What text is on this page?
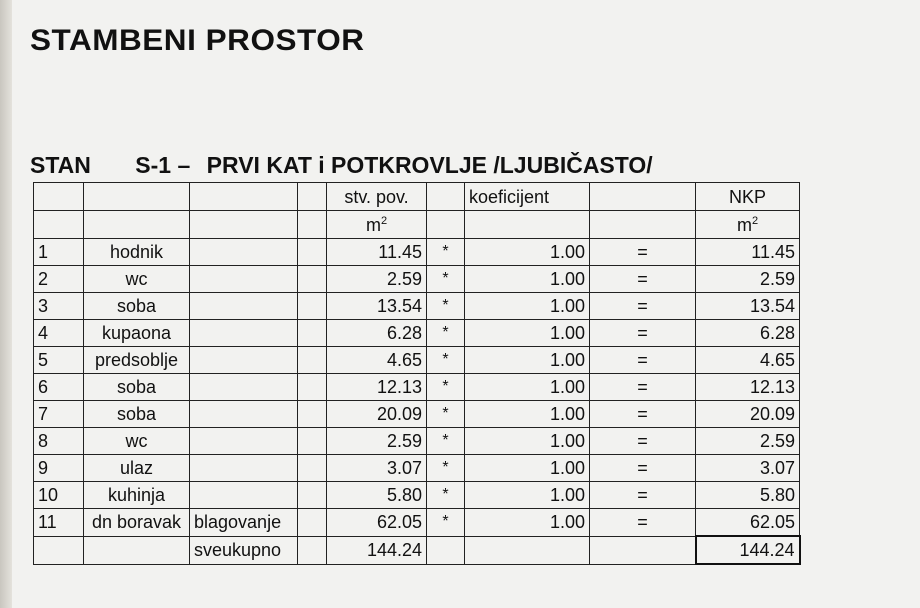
STAMBENI PROSTOR
STAN S-1 – PRVI KAT i POTKROVLJE /LJUBIČASTO/
				stv. pov.		koeficijent		NKP
				$m^2$				$m^2$
1	hodnik			11.45	*	1.00	=	11.45
2	wc			2.59	*	1.00	=	2.59
3	soba			13.54	*	1.00	=	13.54
4	kupaona			6.28	*	1.00	=	6.28
5	predsoblje			4.65	*	1.00	=	4.65
6	soba			12.13	*	1.00	=	12.13
7	soba			20.09	*	1.00	=	20.09
8	wc			2.59	*	1.00	=	2.59
9	ulaz			3.07	*	1.00	=	3.07
10	kuhinja			5.80	*	1.00	=	5.80
11	dn boravak	blagovanje		62.05	*	1.00	=	62.05
		sveukupno		144.24				144.24
